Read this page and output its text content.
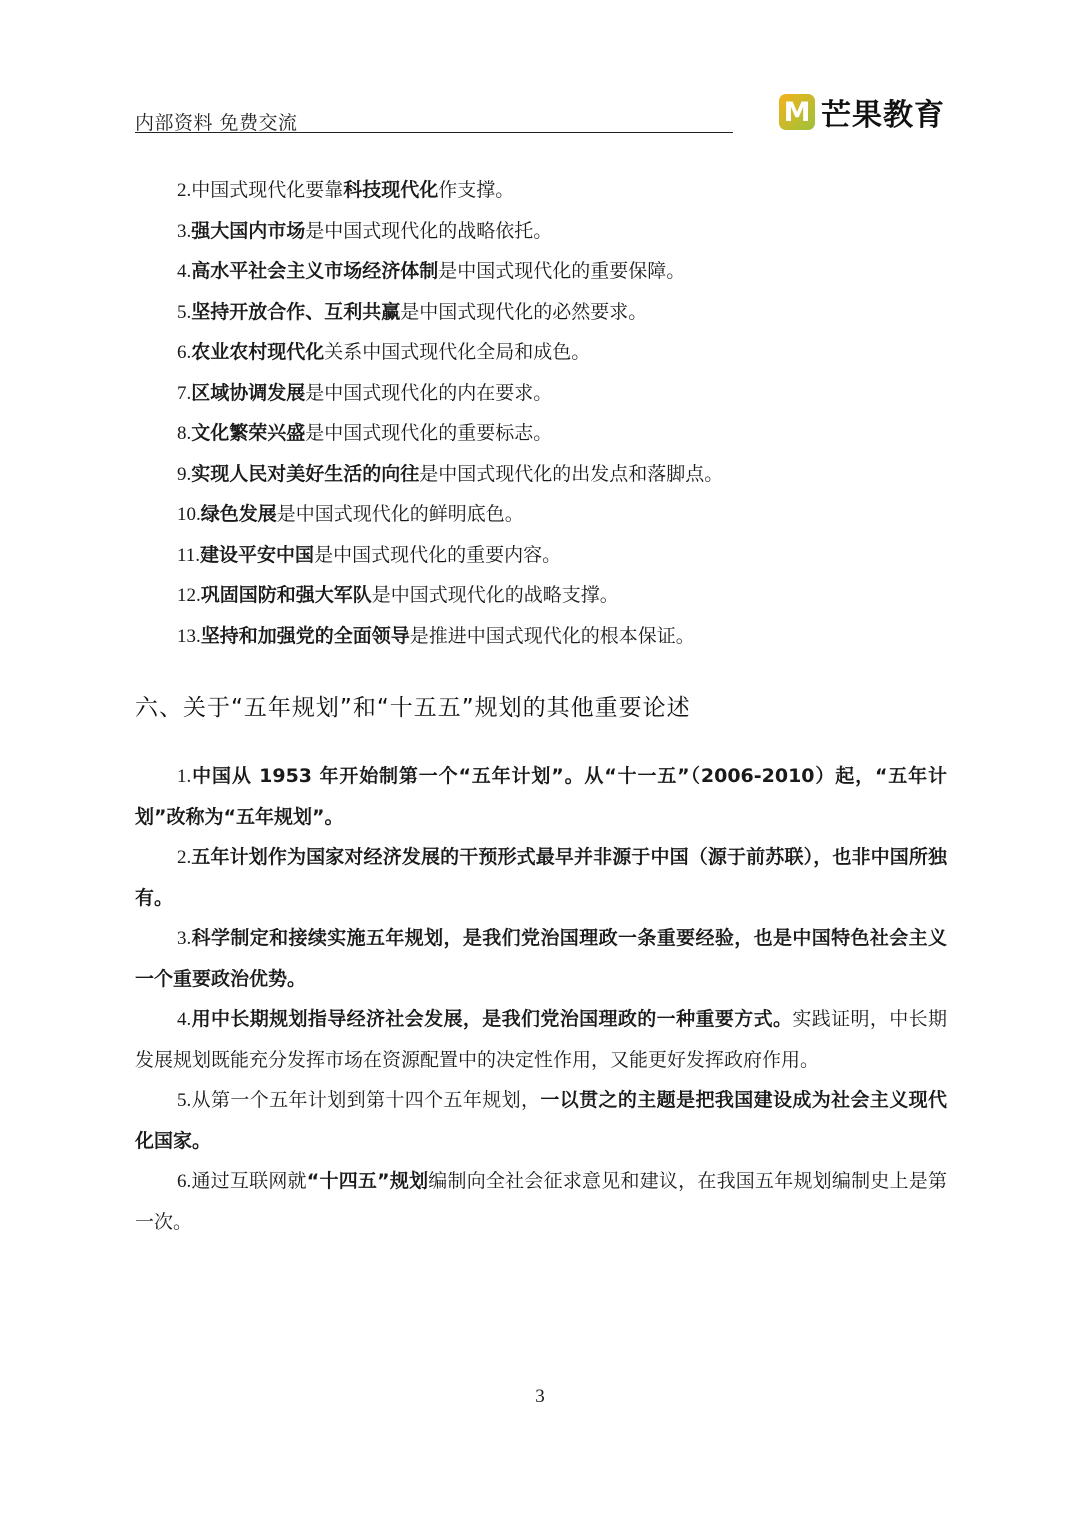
内部资料 免费交流	M 芒果教育
2.中国式现代化要靠科技现代化作支撑。
3.强大国内市场是中国式现代化的战略依托。
4.高水平社会主义市场经济体制是中国式现代化的重要保障。
5.坚持开放合作、互利共赢是中国式现代化的必然要求。
6.农业农村现代化关系中国式现代化全局和成色。
7.区域协调发展是中国式现代化的内在要求。
8.文化繁荣兴盛是中国式现代化的重要标志。
9.实现人民对美好生活的向往是中国式现代化的出发点和落脚点。
10.绿色发展是中国式现代化的鲜明底色。
11.建设平安中国是中国式现代化的重要内容。
12.巩固国防和强大军队是中国式现代化的战略支撑。
13.坚持和加强党的全面领导是推进中国式现代化的根本保证。
六、关于“五年规划”和“十五五”规划的其他重要论述

1.中国从 1953 年开始制第一个“五年计划”。从“十一五”（2006-2010）起，“五年计划”改称为“五年规划”。

2.五年计划作为国家对经济发展的干预形式最早并非源于中国（源于前苏联），也非中国所独有。

3.科学制定和接续实施五年规划，是我们党治国理政一条重要经验，也是中国特色社会主义一个重要政治优势。

4.用中长期规划指导经济社会发展，是我们党治国理政的一种重要方式。实践证明，中长期发展规划既能充分发挥市场在资源配置中的决定性作用，又能更好发挥政府作用。

5.从第一个五年计划到第十四个五年规划，一以贯之的主题是把我国建设成为社会主义现代化国家。

6.通过互联网就“十四五”规划编制向全社会征求意见和建议，在我国五年规划编制史上是第一次。

3
